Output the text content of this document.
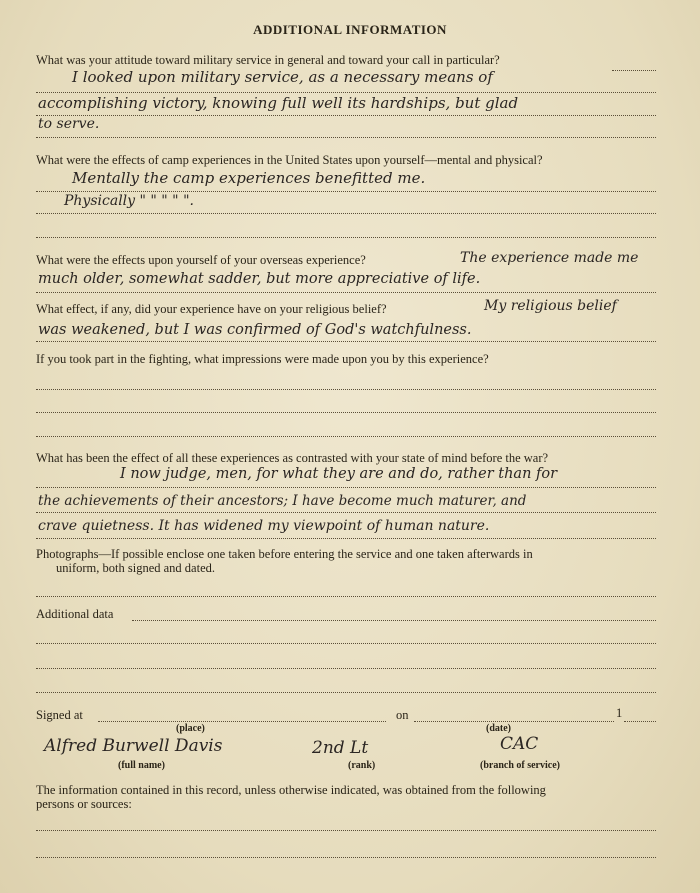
ADDITIONAL INFORMATION
What was your attitude toward military service in general and toward your call in particular?
I looked upon military service, as a necessary means of
accomplishing victory, knowing full well its hardships, but glad
to serve.
What were the effects of camp experiences in the United States upon yourself—mental and physical?
Mentally the camp experiences benefitted me.
Physically " " " " ".
What were the effects upon yourself of your overseas experience?	The experience made me
much older, somewhat sadder, but more appreciative of life.
What effect, if any, did your experience have on your religious belief?	My religious belief
was weakened, but I was confirmed of God's watchfulness.
If you took part in the fighting, what impressions were made upon you by this experience?
What has been the effect of all these experiences as contrasted with your state of mind before the war?
I now judge, men, for what they are and do, rather than for
the achievements of their ancestors; I have become much maturer, and
crave quietness. It has widened my viewpoint of human nature.
Photographs—If possible enclose one taken before entering the service and one taken afterwards in
uniform, both signed and dated.
Additional data
Signed at	on	1
(place)	(date)
Alfred Burwell Davis	2nd Lt	CAC
(full name)	(rank)	(branch of service)
The information contained in this record, unless otherwise indicated, was obtained from the following
persons or sources:
